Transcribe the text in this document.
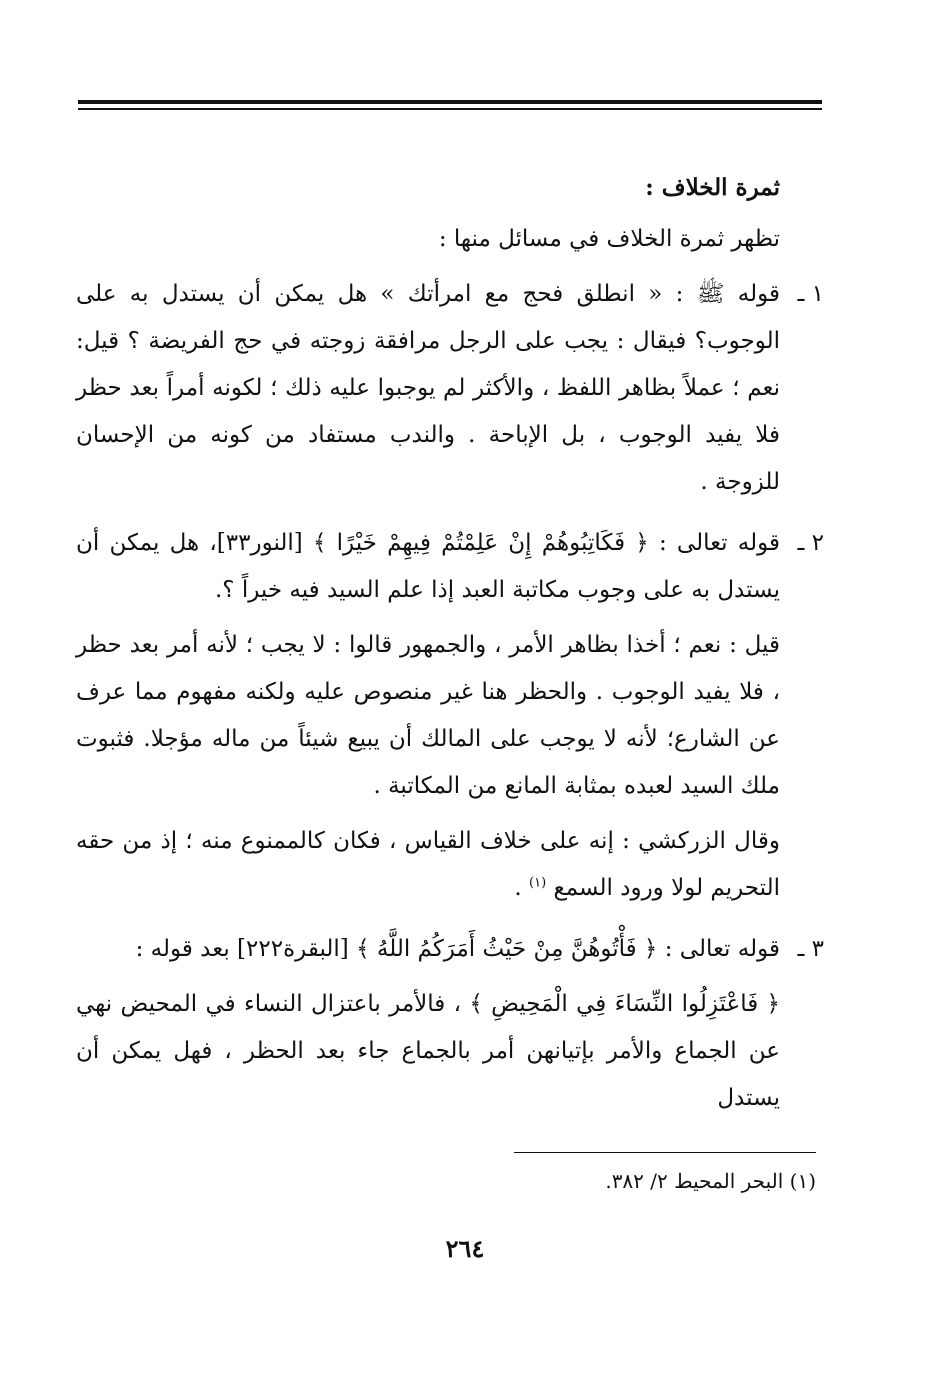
ثمرة الخلاف :

تظهر ثمرة الخلاف في مسائل منها :

١ ـ

قوله ﷺ : « انطلق فحج مع امرأتك » هل يمكن أن يستدل به على الوجوب؟ فيقال : يجب على الرجل مرافقة زوجته في حج الفريضة ؟ قيل: نعم ؛ عملاً بظاهر اللفظ ، والأكثر لم يوجبوا عليه ذلك ؛ لكونه أمراً بعد حظر فلا يفيد الوجوب ، بل الإباحة . والندب مستفاد من كونه من الإحسان للزوجة .

٢ ـ

قوله تعالى : ﴿ فَكَاتِبُوهُمْ إِنْ عَلِمْتُمْ فِيهِمْ خَيْرًا ﴾ [النور٣٣]، هل يمكن أن يستدل به على وجوب مكاتبة العبد إذا علم السيد فيه خيراً ؟.

قيل : نعم ؛ أخذا بظاهر الأمر ، والجمهور قالوا : لا يجب ؛ لأنه أمر بعد حظر ، فلا يفيد الوجوب . والحظر هنا غير منصوص عليه ولكنه مفهوم مما عرف عن الشارع؛ لأنه لا يوجب على المالك أن يبيع شيئاً من ماله مؤجلا. فثبوت ملك السيد لعبده بمثابة المانع من المكاتبة .

وقال الزركشي : إنه على خلاف القياس ، فكان كالممنوع منه ؛ إذ من حقه التحريم لولا ورود السمع $^{(١)}$ .

٣ ـ

قوله تعالى : ﴿ فَأْتُوهُنَّ مِنْ حَيْثُ أَمَرَكُمُ اللَّهُ ﴾ [البقرة٢٢٢] بعد قوله :

﴿ فَاعْتَزِلُوا النِّسَاءَ فِي الْمَحِيضِ ﴾ ، فالأمر باعتزال النساء في المحيض نهي عن الجماع والأمر بإتيانهن أمر بالجماع جاء بعد الحظر ، فهل يمكن أن يستدل

(١) البحر المحيط ٢/ ٣٨٢.
٢٦٤
